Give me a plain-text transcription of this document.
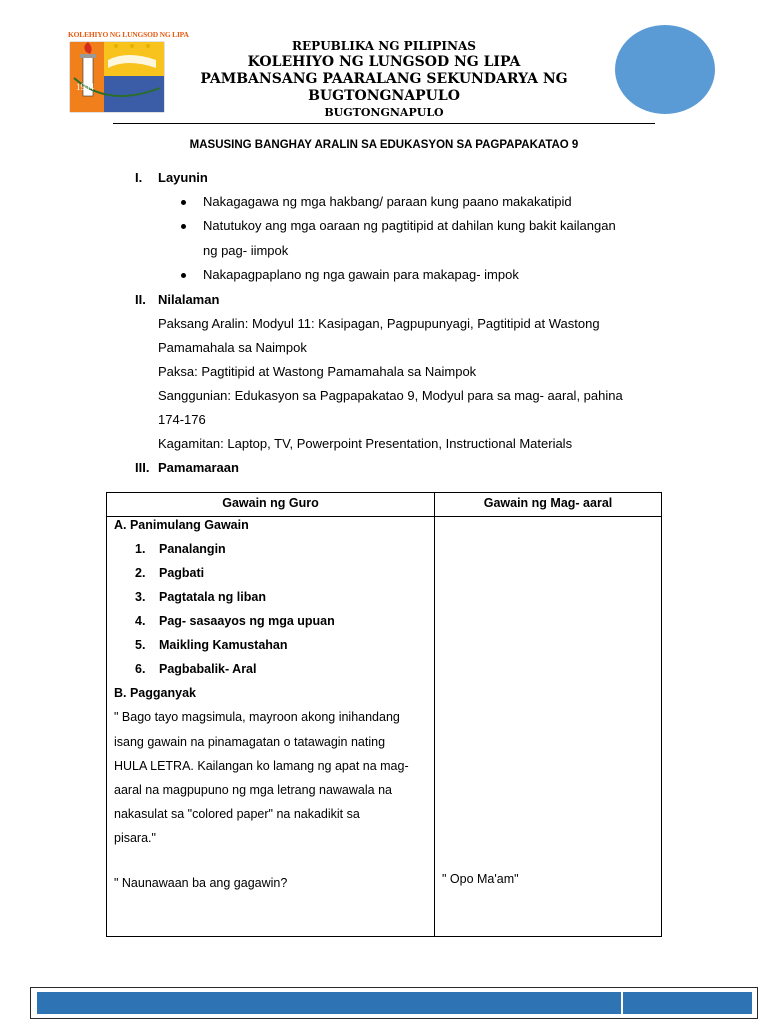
1994
KOLEHIYO NG LUNGSOD NG LIPA
REPUBLIKA NG PILIPINAS
KOLEHIYO NG LUNGSOD NG LIPA
PAMBANSANG PAARALANG SEKUNDARYA NG
BUGTONGNAPULO
BUGTONGNAPULO
MASUSING BANGHAY ARALIN SA EDUKASYON SA PAGPAPAKATAO 9
I. Layunin
Nakagagawa ng mga hakbang/ paraan kung paano makakatipid
Natutukoy ang mga oaraan ng pagtitipid at dahilan kung bakit kailangan
ng pag- iimpok
Nakapagpaplano ng nga gawain para makapag- impok
II. Nilalaman
Paksang Aralin: Modyul 11: Kasipagan, Pagpupunyagi, Pagtitipid at Wastong
Pamamahala sa Naimpok
Paksa: Pagtitipid at Wastong Pamamahala sa Naimpok
Sanggunian: Edukasyon sa Pagpapakatao 9, Modyul para sa mag- aaral, pahina
174-176
Kagamitan: Laptop, TV, Powerpoint Presentation, Instructional Materials
III. Pamamaraan
Gawain ng Guro	Gawain ng Mag- aaral
A. Panimulang Gawain
1. Panalangin
2. Pagbati
3. Pagtatala ng liban
4. Pag- sasaayos ng mga upuan
5. Maikling Kamustahan
6. Pagbabalik- Aral
B. Pagganyak
" Bago tayo magsimula, mayroon akong inihandang
isang gawain na pinamagatan o tatawagin nating
HULA LETRA. Kailangan ko lamang ng apat na mag-
aaral na magpupuno ng mga letrang nawawala na
nakasulat sa "colored paper" na nakadikit sa
pisara."
" Naunawaan ba ang gagawin?	" Opo Ma'am"
